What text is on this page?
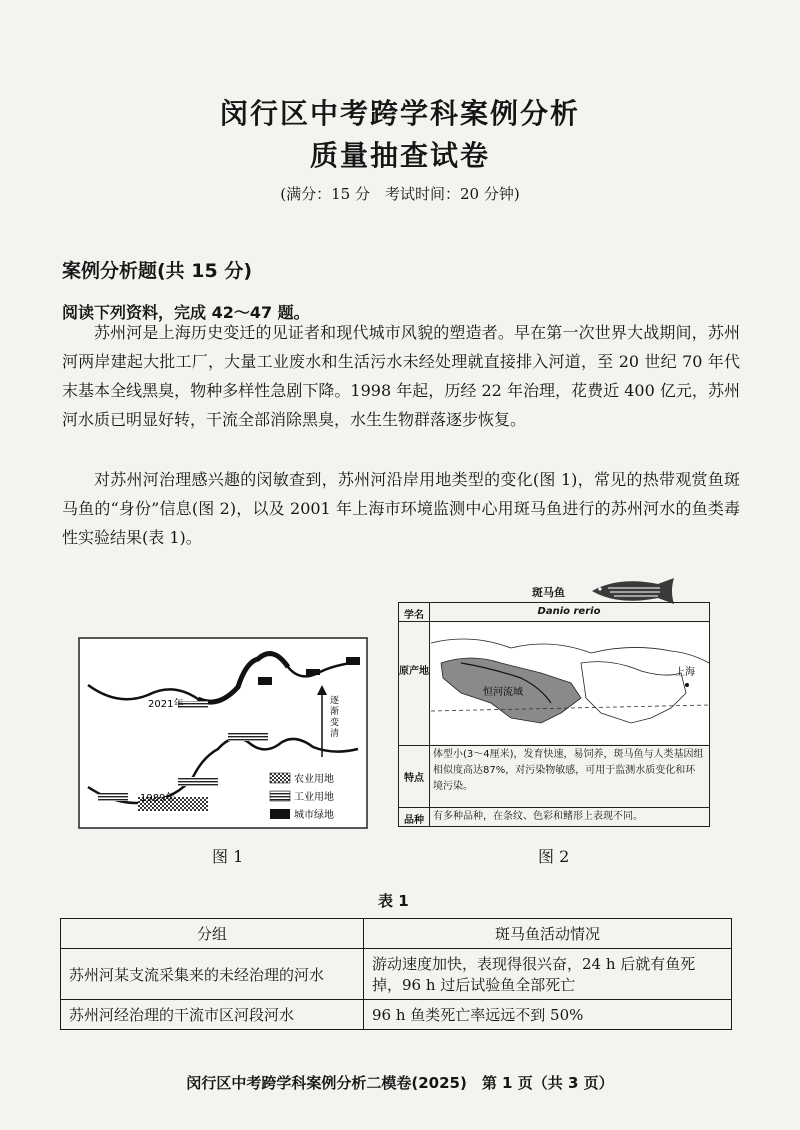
闵行区中考跨学科案例分析
质量抽查试卷
(满分：15 分　考试时间：20 分钟)
案例分析题(共 15 分)
阅读下列资料，完成 42～47 题。

苏州河是上海历史变迁的见证者和现代城市风貌的塑造者。早在第一次世界大战期间，苏州河两岸建起大批工厂，大量工业废水和生活污水未经处理就直接排入河道，至 20 世纪 70 年代末基本全线黑臭，物种多样性急剧下降。1998 年起，历经 22 年治理，花费近 400 亿元，苏州河水质已明显好转，干流全部消除黑臭，水生生物群落逐步恢复。

对苏州河治理感兴趣的闵敏查到，苏州河沿岸用地类型的变化(图 1)，常见的热带观赏鱼斑马鱼的“身份”信息(图 2)，以及 2001 年上海市环境监测中心用斑马鱼进行的苏州河水的鱼类毒性实验结果(表 1)。

2021年	逐渐变清
1989年
农业用地
工业用地
城市绿地
图 1
斑马鱼
学名	Danio rerio
原产地	上海
恒河流域
特点
体型小(3～4厘米)，发育快速，易饲养，斑马鱼与人类基因组相似度高达87%，对污染物敏感，可用于监测水质变化和环境污染。
品种 有多种品种，在条纹、色彩和鳍形上表现不同。
图 2
表 1
分组	斑马鱼活动情况
苏州河某支流采集来的未经治理的河水	游动速度加快，表现得很兴奋，24 h 后就有鱼死掉，96 h 过后试验鱼全部死亡
苏州河经治理的干流市区河段河水	96 h 鱼类死亡率远远不到 50%
闵行区中考跨学科案例分析二模卷(2025)　第 1 页（共 3 页）
